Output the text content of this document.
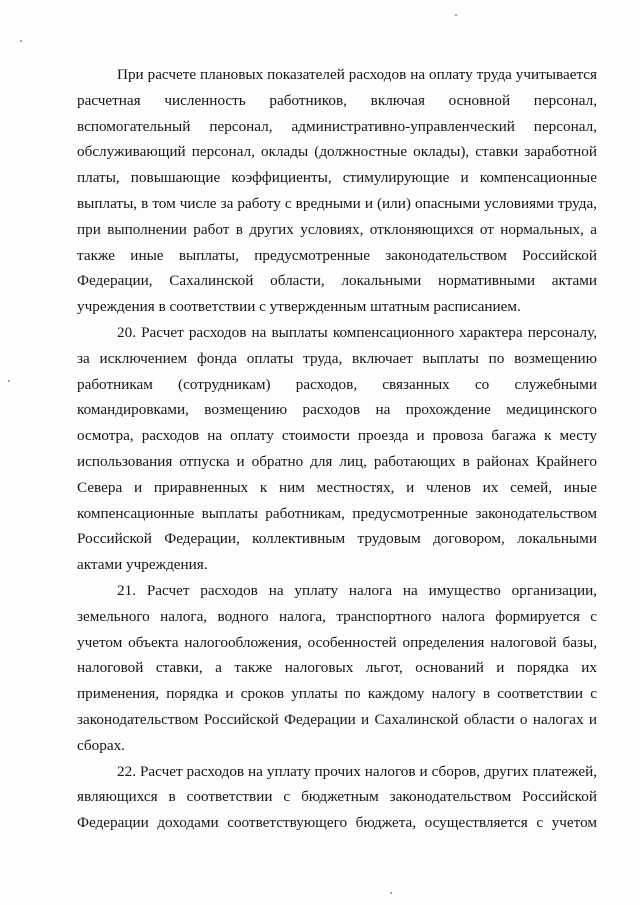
При расчете плановых показателей расходов на оплату труда учитывается расчетная численность работников, включая основной персонал, вспомогательный персонал, административно-управленческий персонал, обслуживающий персонал, оклады (должностные оклады), ставки заработной платы, повышающие коэффициенты, стимулирующие и компенсационные выплаты, в том числе за работу с вредными и (или) опасными условиями труда, при выполнении работ в других условиях, отклоняющихся от нормальных, а также иные выплаты, предусмотренные законодательством Российской Федерации, Сахалинской области, локальными нормативными актами учреждения в соответствии с утвержденным штатным расписанием.

20. Расчет расходов на выплаты компенсационного характера персоналу, за исключением фонда оплаты труда, включает выплаты по возмещению работникам (сотрудникам) расходов, связанных со служебными командировками, возмещению расходов на прохождение медицинского осмотра, расходов на оплату стоимости проезда и провоза багажа к месту использования отпуска и обратно для лиц, работающих в районах Крайнего Севера и приравненных к ним местностях, и членов их семей, иные компенсационные выплаты работникам, предусмотренные законодательством Российской Федерации, коллективным трудовым договором, локальными актами учреждения.

21. Расчет расходов на уплату налога на имущество организации, земельного налога, водного налога, транспортного налога формируется с учетом объекта налогообложения, особенностей определения налоговой базы, налоговой ставки, а также налоговых льгот, оснований и порядка их применения, порядка и сроков уплаты по каждому налогу в соответствии с законодательством Российской Федерации и Сахалинской области о налогах и сборах.

22. Расчет расходов на уплату прочих налогов и сборов, других платежей, являющихся в соответствии с бюджетным законодательством Российской Федерации доходами соответствующего бюджета, осуществляется с учетом
